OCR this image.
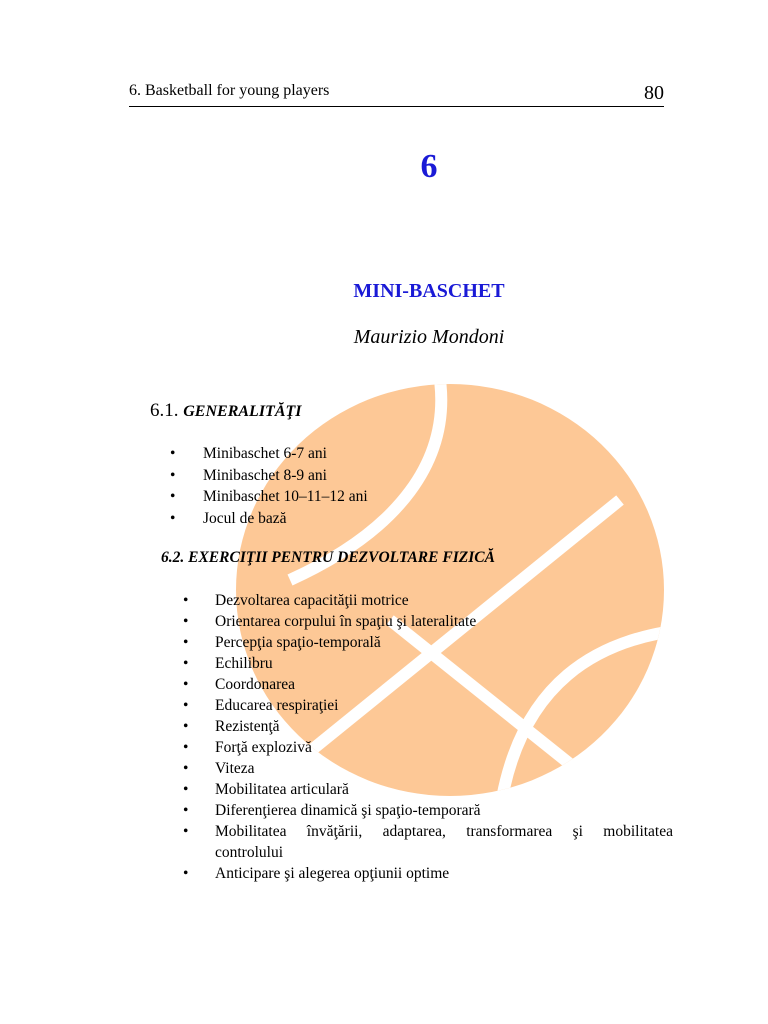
6. Basketball for young players	80
6
MINI-BASCHET
Maurizio Mondoni
6.1. GENERALITĂŢI
• Minibaschet 6-7 ani
• Minibaschet 8-9 ani
• Minibaschet 10–11–12 ani
• Jocul de bază
6.2. EXERCIŢII PENTRU DEZVOLTARE FIZICĂ
• Dezvoltarea capacităţii motrice
• Orientarea corpului în spaţiu şi lateralitate
• Percepţia spaţio-temporală
• Echilibru
• Coordonarea
• Educarea respiraţiei
• Rezistenţă
• Forţă explozivă
• Viteza
• Mobilitatea articulară
• Diferenţierea dinamică şi spaţio-temporară
• Mobilitatea învăţării, adaptarea, transformarea şi mobilitatea
controlului
• Anticipare şi alegerea opţiunii optime
